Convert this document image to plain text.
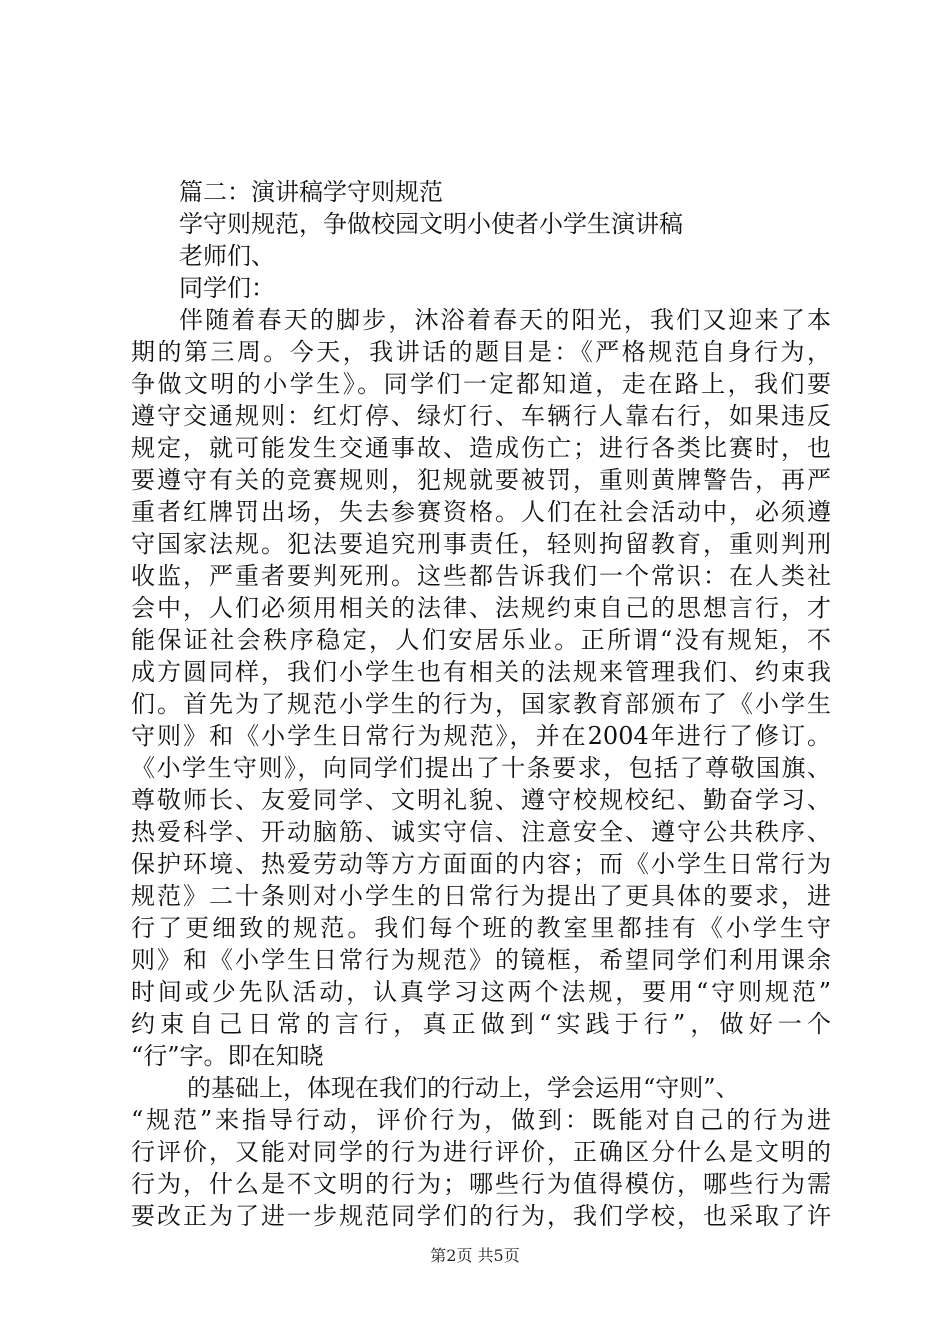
篇二：演讲稿学守则规范
学守则规范，争做校园文明小使者小学生演讲稿
老师们、
同学们：
伴随着春天的脚步，沐浴着春天的阳光，我们又迎来了本
期的第三周。今天，我讲话的题目是：《严格规范自身行为，
争做文明的小学生》。同学们一定都知道，走在路上，我们要
遵守交通规则：红灯停、绿灯行、车辆行人靠右行，如果违反
规定，就可能发生交通事故、造成伤亡；进行各类比赛时，也
要遵守有关的竞赛规则，犯规就要被罚，重则黄牌警告，再严
重者红牌罚出场，失去参赛资格。人们在社会活动中，必须遵
守国家法规。犯法要追究刑事责任，轻则拘留教育，重则判刑
收监，严重者要判死刑。这些都告诉我们一个常识：在人类社
会中，人们必须用相关的法律、法规约束自己的思想言行，才
能保证社会秩序稳定，人们安居乐业。正所谓“没有规矩，不
成方圆同样，我们小学生也有相关的法规来管理我们、约束我
们。首先为了规范小学生的行为，国家教育部颁布了《小学生
守则》和《小学生日常行为规范》，并在2004年进行了修订。
《小学生守则》，向同学们提出了十条要求，包括了尊敬国旗、
尊敬师长、友爱同学、文明礼貌、遵守校规校纪、勤奋学习、
热爱科学、开动脑筋、诚实守信、注意安全、遵守公共秩序、
保护环境、热爱劳动等方方面面的内容；而《小学生日常行为
规范》二十条则对小学生的日常行为提出了更具体的要求，进
行了更细致的规范。我们每个班的教室里都挂有《小学生守
则》和《小学生日常行为规范》的镜框，希望同学们利用课余
时间或少先队活动，认真学习这两个法规，要用“守则规范”
约束自己日常的言行，真正做到“实践于行”，做好一个
“行”字。即在知晓
的基础上，体现在我们的行动上，学会运用“守则”、
“规范”来指导行动，评价行为，做到：既能对自己的行为进
行评价，又能对同学的行为进行评价，正确区分什么是文明的
行为，什么是不文明的行为；哪些行为值得模仿，哪些行为需
要改正为了进一步规范同学们的行为，我们学校，也采取了许
第2页 共5页
